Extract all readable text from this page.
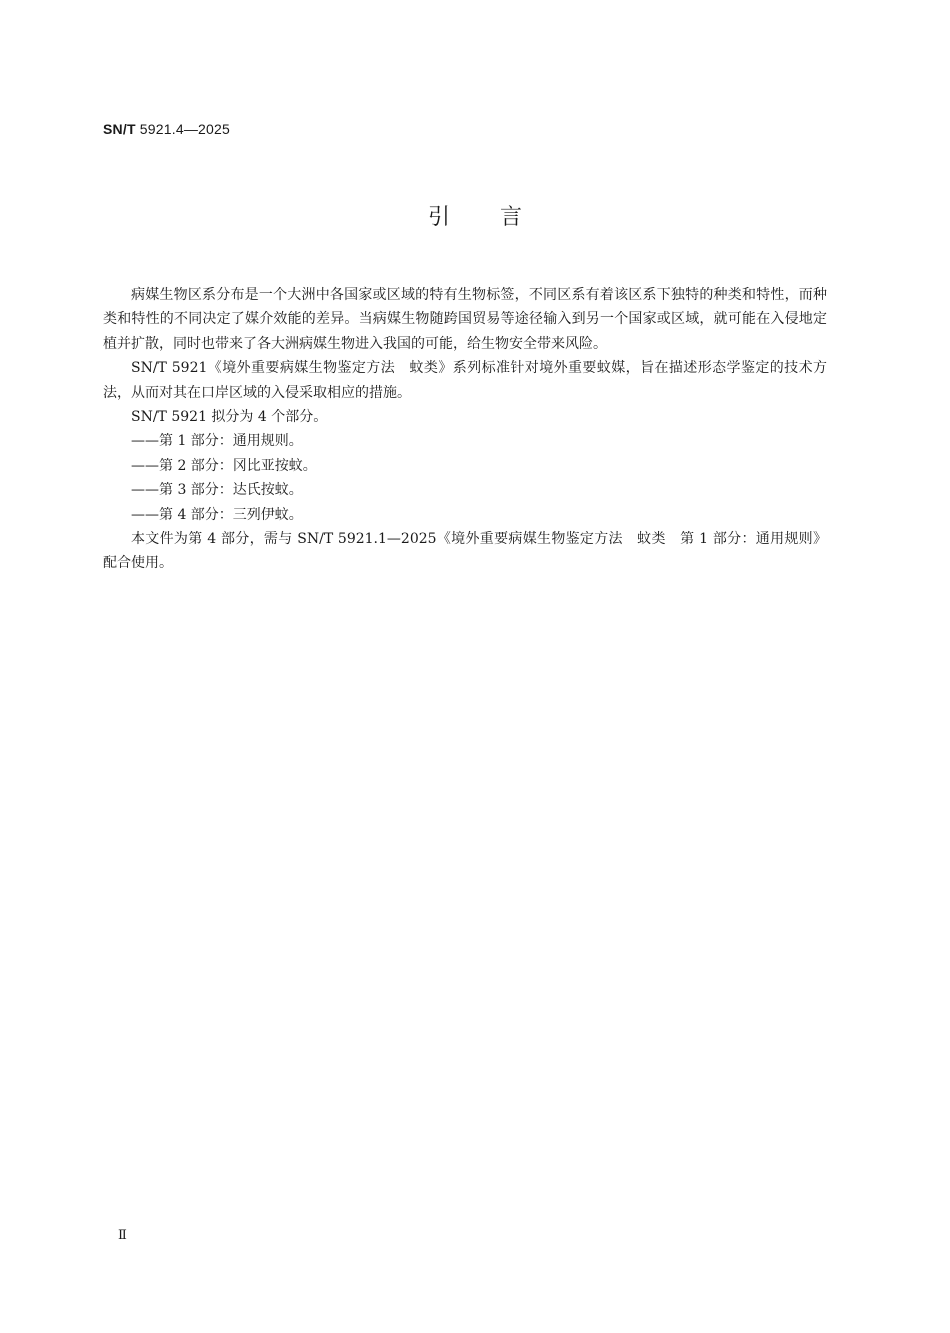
SN/T 5921.4—2025
引言

病媒生物区系分布是一个大洲中各国家或区域的特有生物标签，不同区系有着该区系下独特的种类和特性，而种类和特性的不同决定了媒介效能的差异。当病媒生物随跨国贸易等途径输入到另一个国家或区域，就可能在入侵地定植并扩散，同时也带来了各大洲病媒生物进入我国的可能，给生物安全带来风险。

SN/T 5921《境外重要病媒生物鉴定方法　蚊类》系列标准针对境外重要蚊媒，旨在描述形态学鉴定的技术方法，从而对其在口岸区域的入侵采取相应的措施。

SN/T 5921 拟分为 4 个部分。

——第 1 部分：通用规则。

——第 2 部分：冈比亚按蚊。

——第 3 部分：达氏按蚊。

——第 4 部分：三列伊蚊。

本文件为第 4 部分，需与 SN/T 5921.1—2025《境外重要病媒生物鉴定方法　蚊类　第 1 部分：通用规则》配合使用。

Ⅱ
